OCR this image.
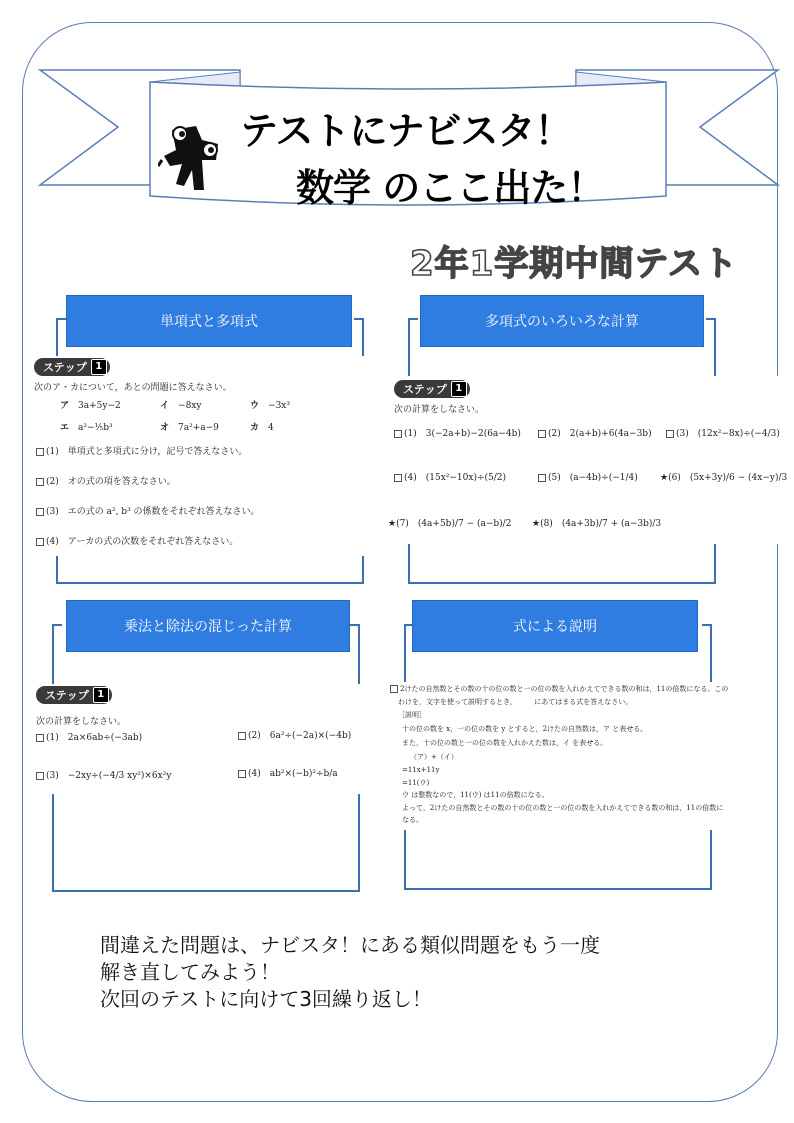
テストにナビスタ！
数学 のここ出た！
2年1学期中間テスト
単項式と多項式
ステップ 1
次のア・カについて，あとの問題に答えなさい。
ア　 3a+5y−2	イ　 −8xy	ウ　 −3x³
エ　 a²−⅕b³	オ　 7a²+a−9	カ　 4
(1)　単項式と多項式に分け，記号で答えなさい。
(2)　オの式の項を答えなさい。
(3)　エの式の a², b³ の係数をそれぞれ答えなさい。
(4)　アーカの式の次数をそれぞれ答えなさい。
多項式のいろいろな計算
ステップ 1
次の計算をしなさい。
(1)　3(−2a+b)−2(6a−4b)	(2)　2(a+b)+6(4a−3b)	(3)　(12x²−8x)÷(−4/3)
(4)　(15x²−10x)÷(5/2)	(5)　(a−4b)÷(−1/4) ★(6)　(5x+3y)/6 − (4x−y)/3
★(7)　(4a+5b)/7 − (a−b)/2 ★(8)　(4a+3b)/7 + (a−3b)/3
乗法と除法の混じった計算
ステップ 1
次の計算をしなさい。
(1)　2a×6ab÷(−3ab)	(2)　6a²÷(−2a)×(−4b)
(3)　−2xy÷(−4/3 xy²)×6x²y	(4)　ab²×(−b)²÷b/a
式による説明
2けたの自然数とその数の十の位の数と一の位の数を入れかえてできる数の和は，11の倍数になる。この
わけを，文字を使って説明するとき，　　　にあてはまる式を答えなさい。
［説明］
十の位の数を x，一の位の数を y とすると，2けたの自然数は，ア と表せる。
また，十の位の数と一の位の数を入れかえた数は，イ を表せる。
（ア）+（イ）
=11x+11y
=11(ウ)
ウ は整数なので，11(ウ) は11の倍数になる。
よって，2けたの自然数とその数の十の位の数と一の位の数を入れかえてできる数の和は，11の倍数に
なる。
間違えた問題は、ナビスタ！にある類似問題をもう一度
解き直してみよう！
次回のテストに向けて3回繰り返し！
